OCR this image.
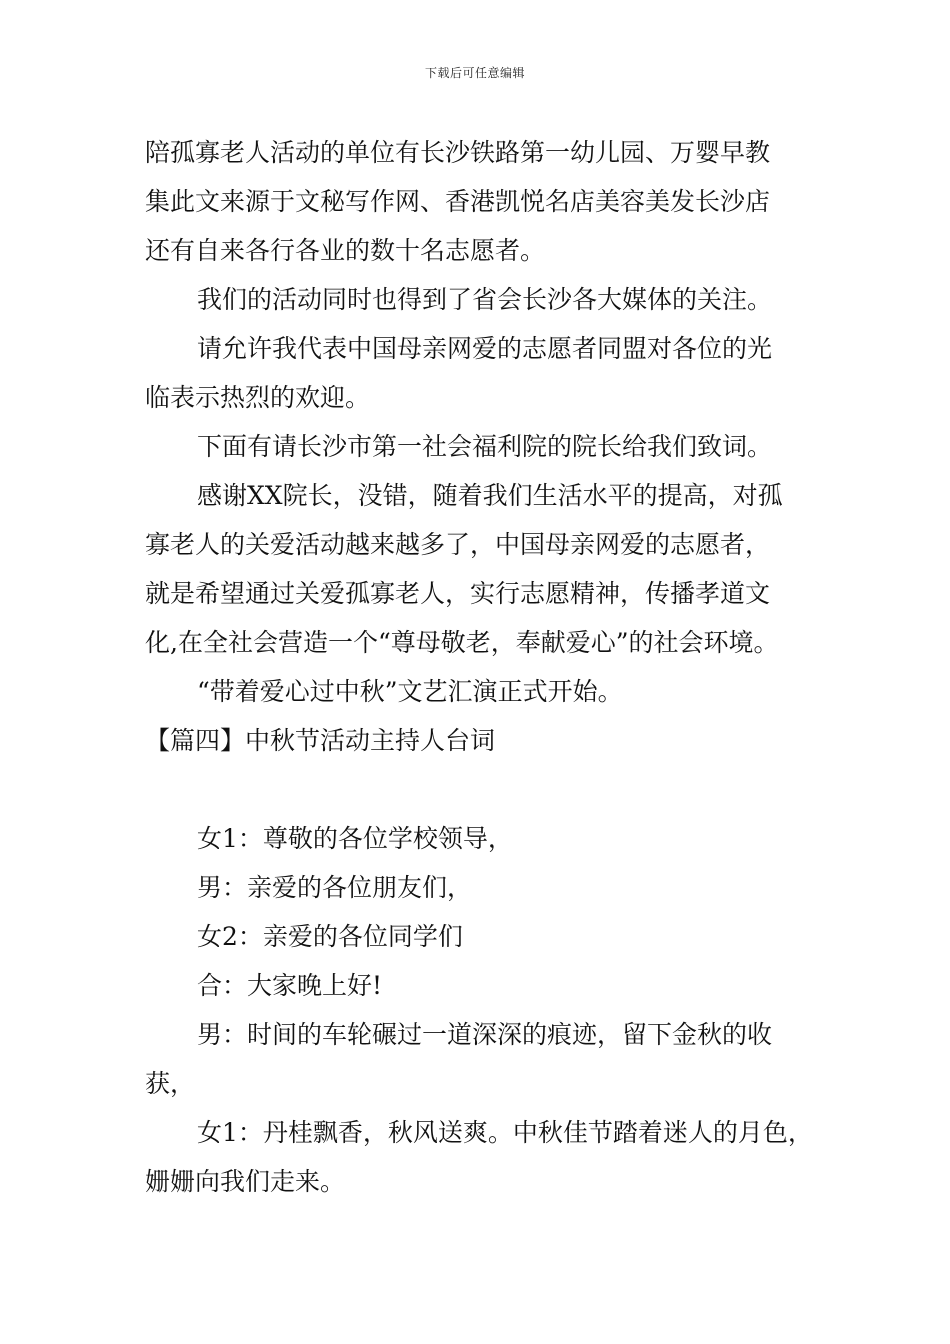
下载后可任意编辑
陪孤寡老人活动的单位有长沙铁路第一幼儿园、万婴早教
集此文来源于文秘写作网、香港凯悦名店美容美发长沙店
还有自来各行各业的数十名志愿者。
我们的活动同时也得到了省会长沙各大媒体的关注。
请允许我代表中国母亲网爱的志愿者同盟对各位的光
临表示热烈的欢迎。
下面有请长沙市第一社会福利院的院长给我们致词。
感谢XX院长，没错，随着我们生活水平的提高，对孤
寡老人的关爱活动越来越多了，中国母亲网爱的志愿者，
就是希望通过关爱孤寡老人，实行志愿精神，传播孝道文
化,在全社会营造一个“尊母敬老，奉献爱心”的社会环境。
“带着爱心过中秋”文艺汇演正式开始。
【篇四】中秋节活动主持人台词
女1：尊敬的各位学校领导，
男：亲爱的各位朋友们，
女2：亲爱的各位同学们
合：大家晚上好!
男：时间的车轮碾过一道深深的痕迹，留下金秋的收
获，
女1：丹桂飘香，秋风送爽。中秋佳节踏着迷人的月色，
姗姗向我们走来。
